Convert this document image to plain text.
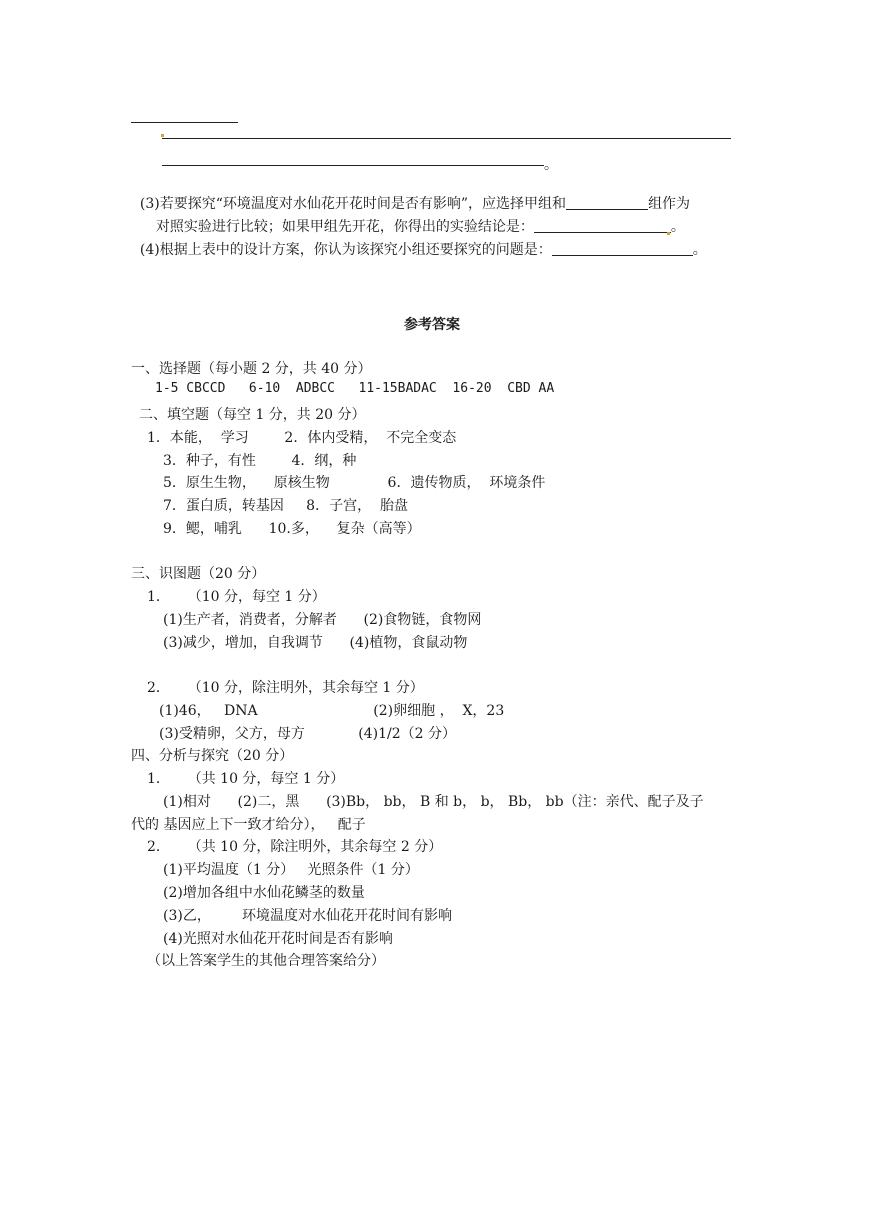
。

(3)若要探究“环境温度对水仙花开花时间是否有影响”，应选择甲组和	组作为

对照实验进行比较；如果甲组先开花，你得出的实验结论是：	。

(4)根据上表中的设计方案，你认为该探究小组还要探究的问题是：	。

参考答案
一、选择题（每小题 2 分，共 40 分）
1-5 CBCCD   6-10  ADBCC   11-15BADAC  16-20  CBD AA
二、填空题（每空 1 分，共 20 分）
1．本能，  学习        2．体内受精，  不完全变态
3．种子，有性        4．纲，种
5．原生生物，    原核生物             6．遗传物质，  环境条件
7．蛋白质，转基因     8．子宫，  胎盘
9．鳃，哺乳      10.多，    复杂（高等）
三、识图题（20 分）
1．    （10 分，每空 1 分）
(1)生产者，消费者，分解者      (2)食物链，食物网
(3)减少，增加，自我调节      (4)植物，食鼠动物
2．    （10 分，除注明外，其余每空 1 分）
(1)46，   DNA                          (2)卵细胞 ，  X，23
(3)受精卵，父方，母方            (4)1/2（2 分）
四、分析与探究（20 分）
1．    （共 10 分，每空 1 分）
(1)相对      (2)二，黑      (3)Bb， bb， B 和 b， b， Bb， bb（注：亲代、配子及子
代的 基因应上下一致才给分），   配子
2．    （共 10 分，除注明外，其余每空 2 分）
(1)平均温度（1 分）   光照条件（1 分）
(2)增加各组中水仙花鳞茎的数量
(3)乙，       环境温度对水仙花开花时间有影响
(4)光照对水仙花开花时间是否有影响
（以上答案学生的其他合理答案给分）
